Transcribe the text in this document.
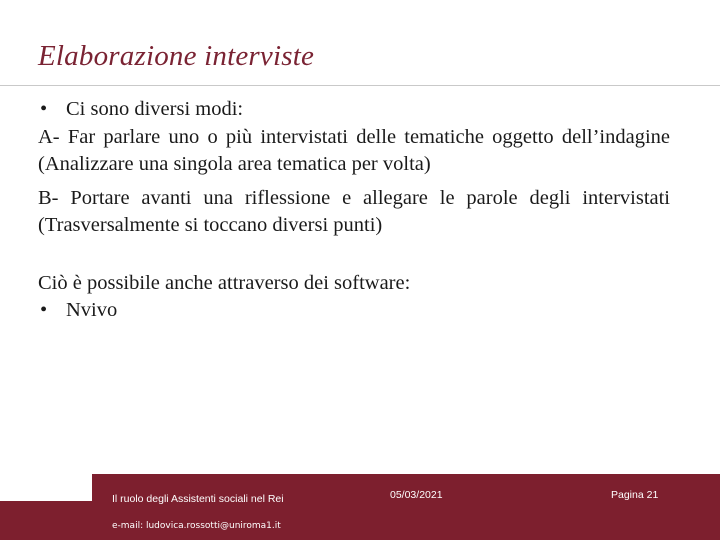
Elaborazione interviste
• Ci sono diversi modi:
A- Far parlare uno o più intervistati delle tematiche oggetto dell’indagine (Analizzare una singola area tematica per volta)
B- Portare avanti una riflessione e allegare le parole degli intervistati (Trasversalmente si toccano diversi punti)
Ciò è possibile anche attraverso dei software:
• Nvivo
Il ruolo degli Assistenti sociali nel Rei
e-mail: ludovica.rossotti@uniroma1.it
05/03/2021	Pagina 21
